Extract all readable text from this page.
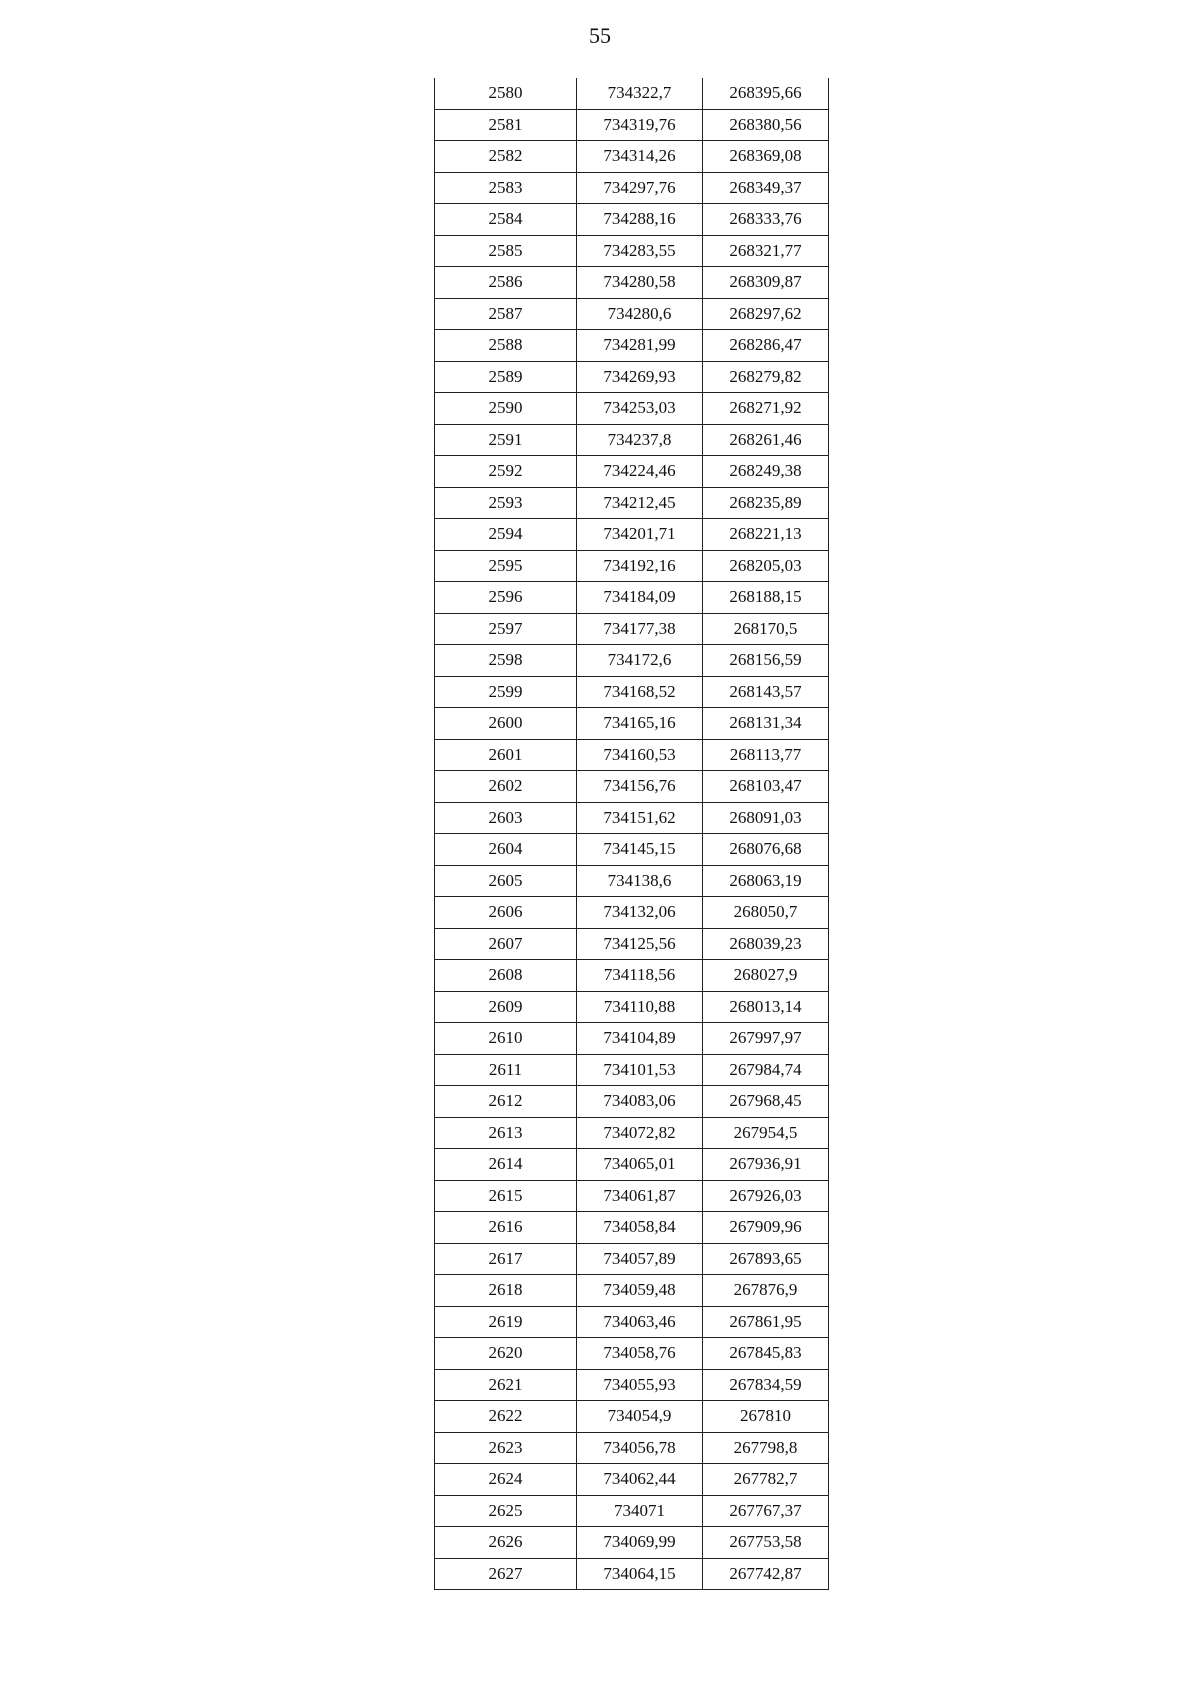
55
2580	734322,7	268395,66
2581	734319,76	268380,56
2582	734314,26	268369,08
2583	734297,76	268349,37
2584	734288,16	268333,76
2585	734283,55	268321,77
2586	734280,58	268309,87
2587	734280,6	268297,62
2588	734281,99	268286,47
2589	734269,93	268279,82
2590	734253,03	268271,92
2591	734237,8	268261,46
2592	734224,46	268249,38
2593	734212,45	268235,89
2594	734201,71	268221,13
2595	734192,16	268205,03
2596	734184,09	268188,15
2597	734177,38	268170,5
2598	734172,6	268156,59
2599	734168,52	268143,57
2600	734165,16	268131,34
2601	734160,53	268113,77
2602	734156,76	268103,47
2603	734151,62	268091,03
2604	734145,15	268076,68
2605	734138,6	268063,19
2606	734132,06	268050,7
2607	734125,56	268039,23
2608	734118,56	268027,9
2609	734110,88	268013,14
2610	734104,89	267997,97
2611	734101,53	267984,74
2612	734083,06	267968,45
2613	734072,82	267954,5
2614	734065,01	267936,91
2615	734061,87	267926,03
2616	734058,84	267909,96
2617	734057,89	267893,65
2618	734059,48	267876,9
2619	734063,46	267861,95
2620	734058,76	267845,83
2621	734055,93	267834,59
2622	734054,9	267810
2623	734056,78	267798,8
2624	734062,44	267782,7
2625	734071	267767,37
2626	734069,99	267753,58
2627	734064,15	267742,87
